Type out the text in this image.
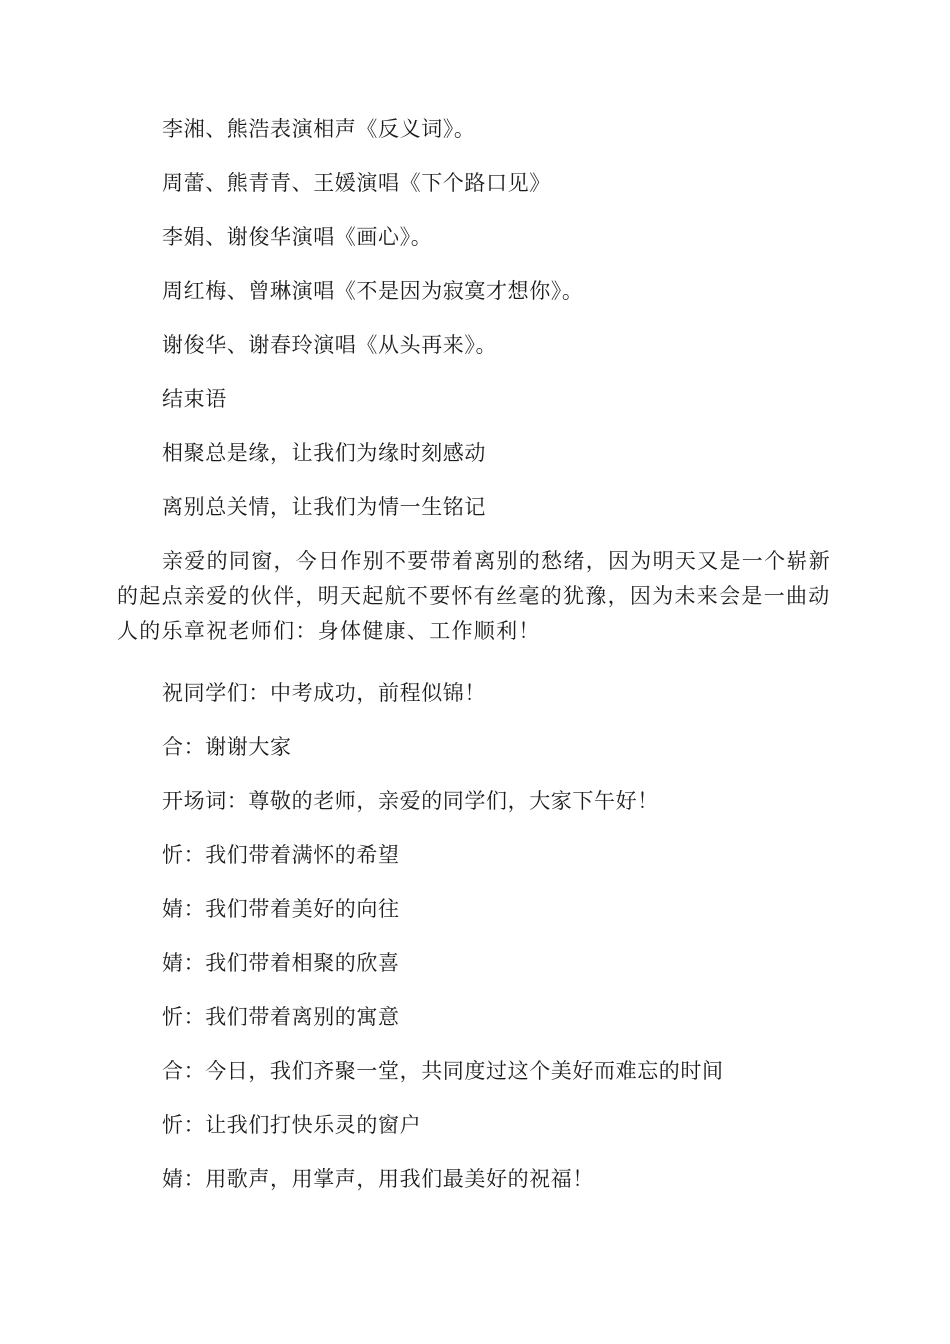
李湘、熊浩表演相声《反义词》。

周蕾、熊青青、王媛演唱《下个路口见》

李娟、谢俊华演唱《画心》。

周红梅、曾琳演唱《不是因为寂寞才想你》。

谢俊华、谢春玲演唱《从头再来》。

结束语

相聚总是缘，让我们为缘时刻感动

离别总关情，让我们为情一生铭记

亲爱的同窗，今日作别不要带着离别的愁绪，因为明天又是一个崭新的起点亲爱的伙伴，明天起航不要怀有丝毫的犹豫，因为未来会是一曲动人的乐章祝老师们：身体健康、工作顺利！

祝同学们：中考成功，前程似锦！

合：谢谢大家

开场词：尊敬的老师，亲爱的同学们，大家下午好！

忻：我们带着满怀的希望

婧：我们带着美好的向往

婧：我们带着相聚的欣喜

忻：我们带着离别的寓意

合：今日，我们齐聚一堂，共同度过这个美好而难忘的时间

忻：让我们打快乐灵的窗户

婧：用歌声，用掌声，用我们最美好的祝福！
